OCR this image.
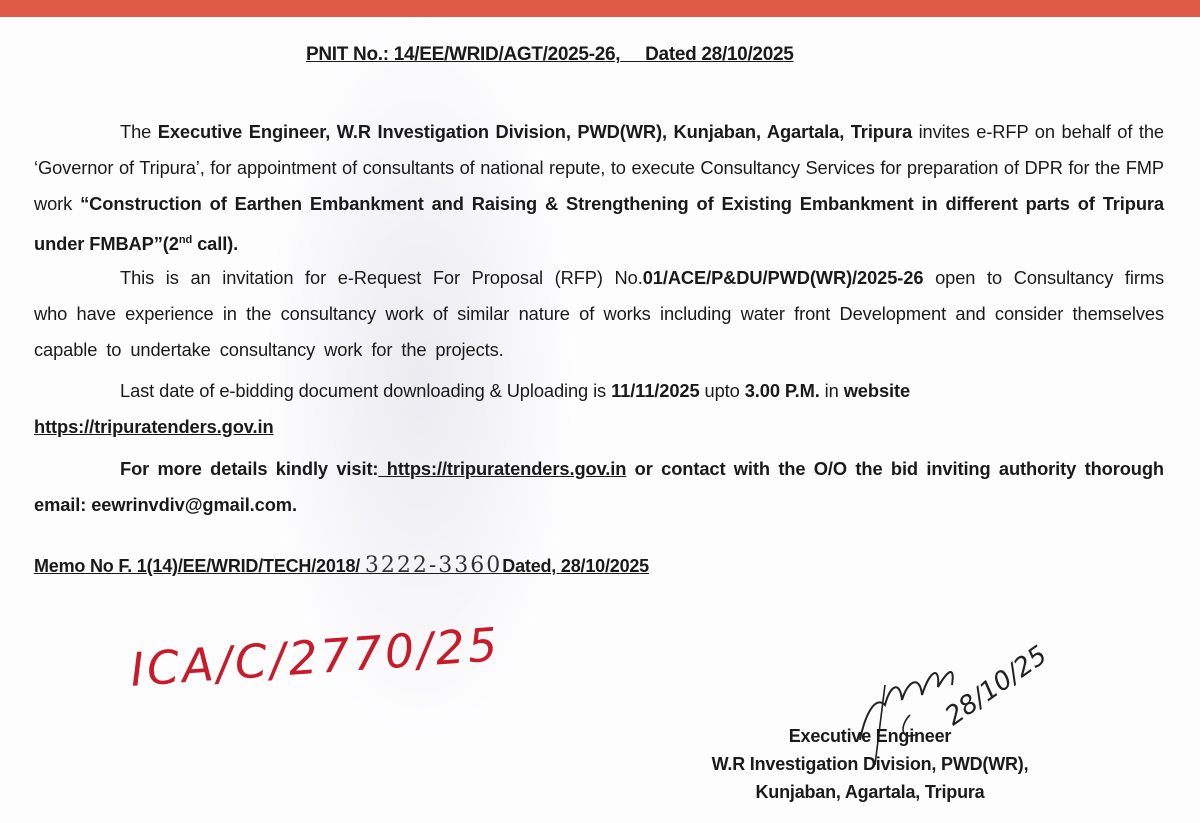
PNIT No.: 14/EE/WRID/AGT/2025-26, Dated 28/10/2025
The Executive Engineer, W.R Investigation Division, PWD(WR), Kunjaban, Agartala, Tripura invites e-RFP on behalf of the ‘Governor of Tripura’, for appointment of consultants of national repute, to execute Consultancy Services for preparation of DPR for the FMP work “Construction of Earthen Embankment and Raising & Strengthening of Existing Embankment in different parts of Tripura under FMBAP”(2nd call).
This is an invitation for e-Request For Proposal (RFP) No.01/ACE/P&DU/PWD(WR)/2025-26 open to Consultancy firms who have experience in the consultancy work of similar nature of works including water front Development and consider themselves capable to undertake consultancy work for the projects.
Last date of e-bidding document downloading & Uploading is 11/11/2025 upto 3.00 P.M. in website
https://tripuratenders.gov.in
For more details kindly visit: https://tripuratenders.gov.in or contact with the O/O the bid inviting authority thorough email: eewrinvdiv@gmail.com.
Memo No F. 1(14)/EE/WRID/TECH/2018/ 3222-3360Dated, 28/10/2025
ICA/C/2770/25	28/10/25
Executive Engineer
W.R Investigation Division, PWD(WR),
Kunjaban, Agartala, Tripura
